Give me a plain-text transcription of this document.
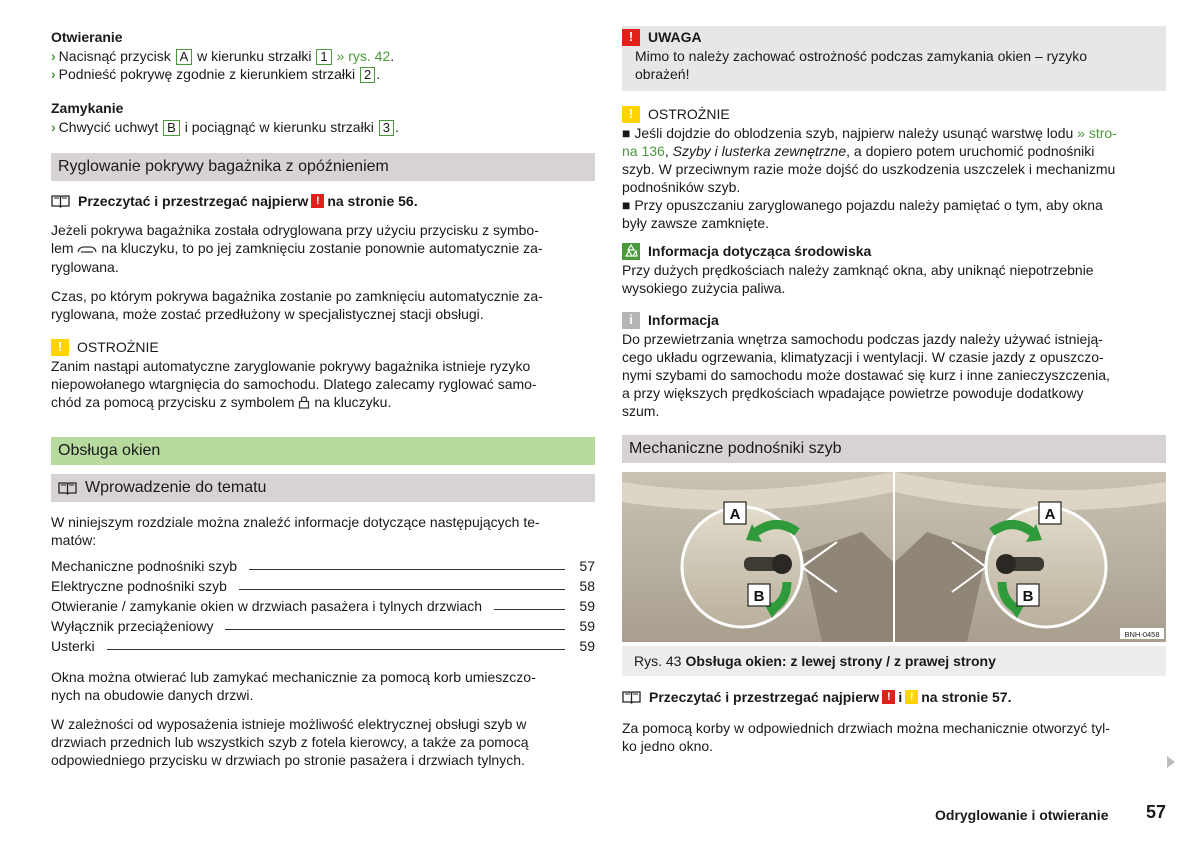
Otwieranie
› Nacisnąć przycisk A w kierunku strzałki 1 » rys. 42.
› Podnieść pokrywę zgodnie z kierunkiem strzałki 2 .
Zamykanie
› Chwycić uchwyt B i pociągnąć w kierunku strzałki 3 .
Ryglowanie pokrywy bagażnika z opóźnieniem
Przeczytać i przestrzegać najpierw ! na stronie
56.
Jeżeli pokrywa bagażnika została odryglowana przy użyciu przycisku z symbo-
lem na kluczyku, to po jej zamknięciu zostanie ponownie automatycznie za-
ryglowana.
Czas, po którym pokrywa bagażnika zostanie po zamknięciu automatycznie za-
ryglowana, może zostać przedłużony w specjalistycznej stacji obsługi.
!	OSTROŻNIE
Zanim nastąpi automatyczne zaryglowanie pokrywy bagażnika istnieje ryzyko
niepowołanego wtargnięcia do samochodu. Dlatego zalecamy ryglować samo-
chód za pomocą przycisku z symbolem na kluczyku.
Obsługa okien
Wprowadzenie do tematu
W niniejszym rozdziale można znaleźć informacje dotyczące następujących te-
matów:
Mechaniczne podnośniki szyb	57
Elektryczne podnośniki szyb	58
Otwieranie / zamykanie okien w drzwiach pasażera i tylnych drzwiach	59
Wyłącznik przeciążeniowy	59
Usterki	59
Okna można otwierać lub zamykać mechanicznie za pomocą korb umieszczo-
nych na obudowie danych drzwi.
W zależności od wyposażenia istnieje możliwość elektrycznej obsługi szyb w
drzwiach przednich lub wszystkich szyb z fotela kierowcy, a także za pomocą
odpowiedniego przycisku w drzwiach po stronie pasażera i drzwiach tylnych.
!	UWAGA
Mimo to należy zachować ostrożność podczas zamykania okien – ryzyko
obrażeń!
!	OSTROŻNIE
■ Jeśli dojdzie do oblodzenia szyb, najpierw należy usunąć warstwę lodu » stro-
na 136, Szyby i lusterka zewnętrzne, a dopiero potem uruchomić podnośniki
szyb. W przeciwnym razie może dojść do uszkodzenia uszczelek i mechanizmu
podnośników szyb.
■ Przy opuszczaniu zaryglowanego pojazdu należy pamiętać o tym, aby okna
były zawsze zamknięte.
Informacja dotycząca środowiska
Przy dużych prędkościach należy zamknąć okna, aby uniknąć niepotrzebnie
wysokiego zużycia paliwa.
i	Informacja
Do przewietrzania wnętrza samochodu podczas jazdy należy używać istnieją-
cego układu ogrzewania, klimatyzacji i wentylacji. W czasie jazdy z opuszczo-
nymi szybami do samochodu może dostawać się kurz i inne zanieczyszczenia,
a przy większych prędkościach wpadające powietrze powoduje dodatkowy
szum.
Mechaniczne podnośniki szyb
A
B
A
B
BNH-0458
Rys. 43 Obsługa okien: z lewej strony / z prawej strony
Przeczytać i przestrzegać najpierw ! i ! na stronie
57.
Za pomocą korby w odpowiednich drzwiach można mechanicznie otworzyć tyl-
ko jedno okno.
Odryglowanie i otwieranie 57
